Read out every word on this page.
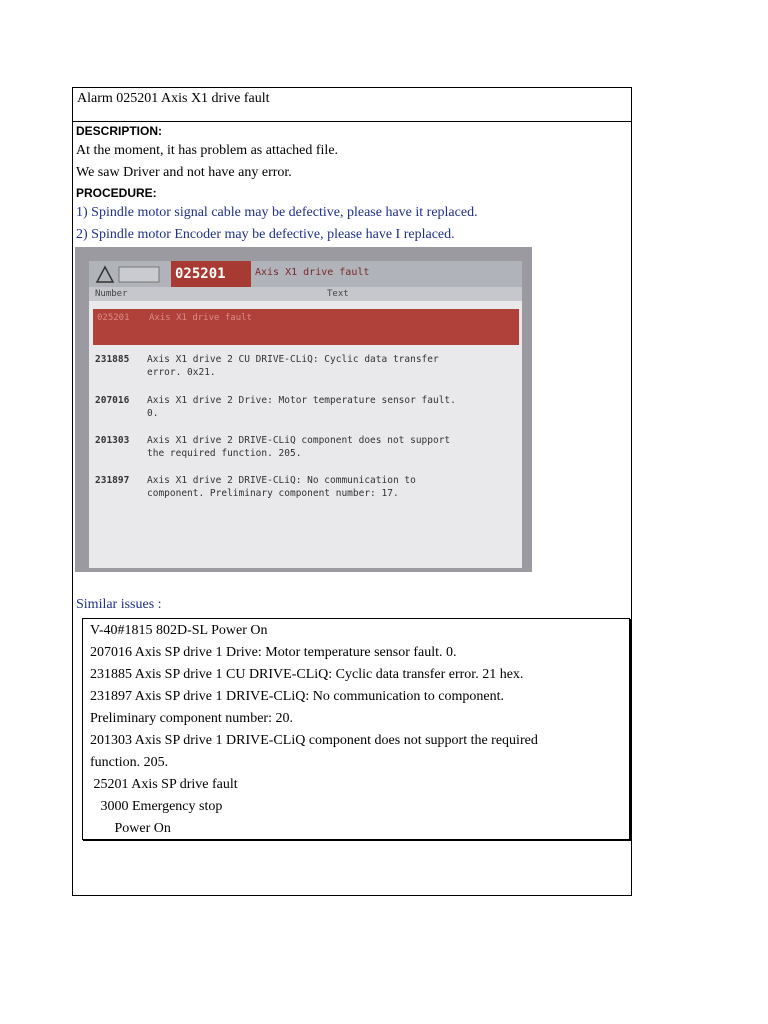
Alarm 025201 Axis X1 drive fault
DESCRIPTION:
At the moment, it has problem as attached file.
We saw Driver and not have any error.
PROCEDURE:
1) Spindle motor signal cable may be defective, please have it replaced.
2) Spindle motor Encoder may be defective, please have I replaced.
025201	Axis X1 drive fault
Number	Text
025201 Axis X1 drive fault
231885 Axis X1 drive 2 CU DRIVE-CLiQ: Cyclic data transfer
error. 0x21.
207016 Axis X1 drive 2 Drive: Motor temperature sensor fault.
0.
201303 Axis X1 drive 2 DRIVE-CLiQ component does not support
the required function. 205.
231897 Axis X1 drive 2 DRIVE-CLiQ: No communication to
component. Preliminary component number: 17.
Similar issues :
V-40#1815 802D-SL Power On
207016 Axis SP drive 1 Drive: Motor temperature sensor fault. 0.
231885 Axis SP drive 1 CU DRIVE-CLiQ: Cyclic data transfer error. 21 hex.
231897 Axis SP drive 1 DRIVE-CLiQ: No communication to component.
Preliminary component number: 20.
201303 Axis SP drive 1 DRIVE-CLiQ component does not support the required
function. 205.
25201 Axis SP drive fault
3000 Emergency stop
Power On
